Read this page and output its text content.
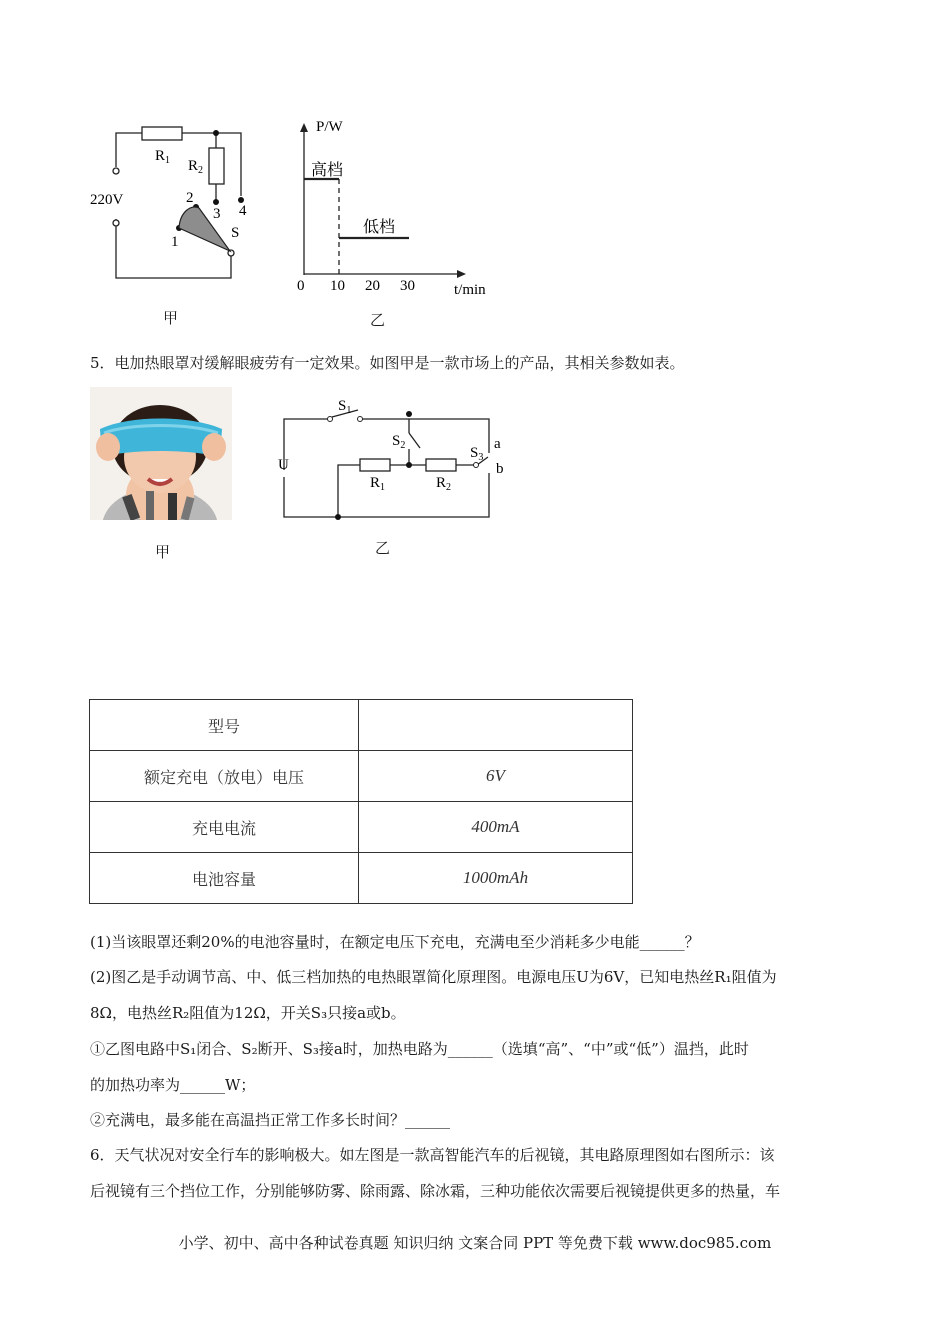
$R_1$ $R_2$
220V	2
3 4
1
S
P/W
t/min
0 10 20 30
高档
低档
甲	乙
5．电加热眼罩对缓解眼疲劳有一定效果。如图甲是一款市场上的产品，其相关参数如表。
甲
U
$S_1$
$S_2$	$S_3$
a
b
$R_1$	$R_2$
乙
型号	
额定充电（放电）电压	6V
充电电流	400mA
电池容量	1000mAh
(1)当该眼罩还剩20%的电池容量时，在额定电压下充电，充满电至少消耗多少电能______？
(2)图乙是手动调节高、中、低三档加热的电热眼罩简化原理图。电源电压U为6V，已知电热丝R₁阻值为
8Ω，电热丝R₂阻值为12Ω，开关S₃只接a或b。
①乙图电路中S₁闭合、S₂断开、S₃接a时，加热电路为______（选填“高”、“中”或“低”）温挡，此时
的加热功率为______W；
②充满电，最多能在高温挡正常工作多长时间？______
6．天气状况对安全行车的影响极大。如左图是一款高智能汽车的后视镜，其电路原理图如右图所示：该
后视镜有三个挡位工作，分别能够防雾、除雨露、除冰霜，三种功能依次需要后视镜提供更多的热量，车
小学、初中、高中各种试卷真题 知识归纳 文案合同 PPT 等免费下载 www.doc985.com
